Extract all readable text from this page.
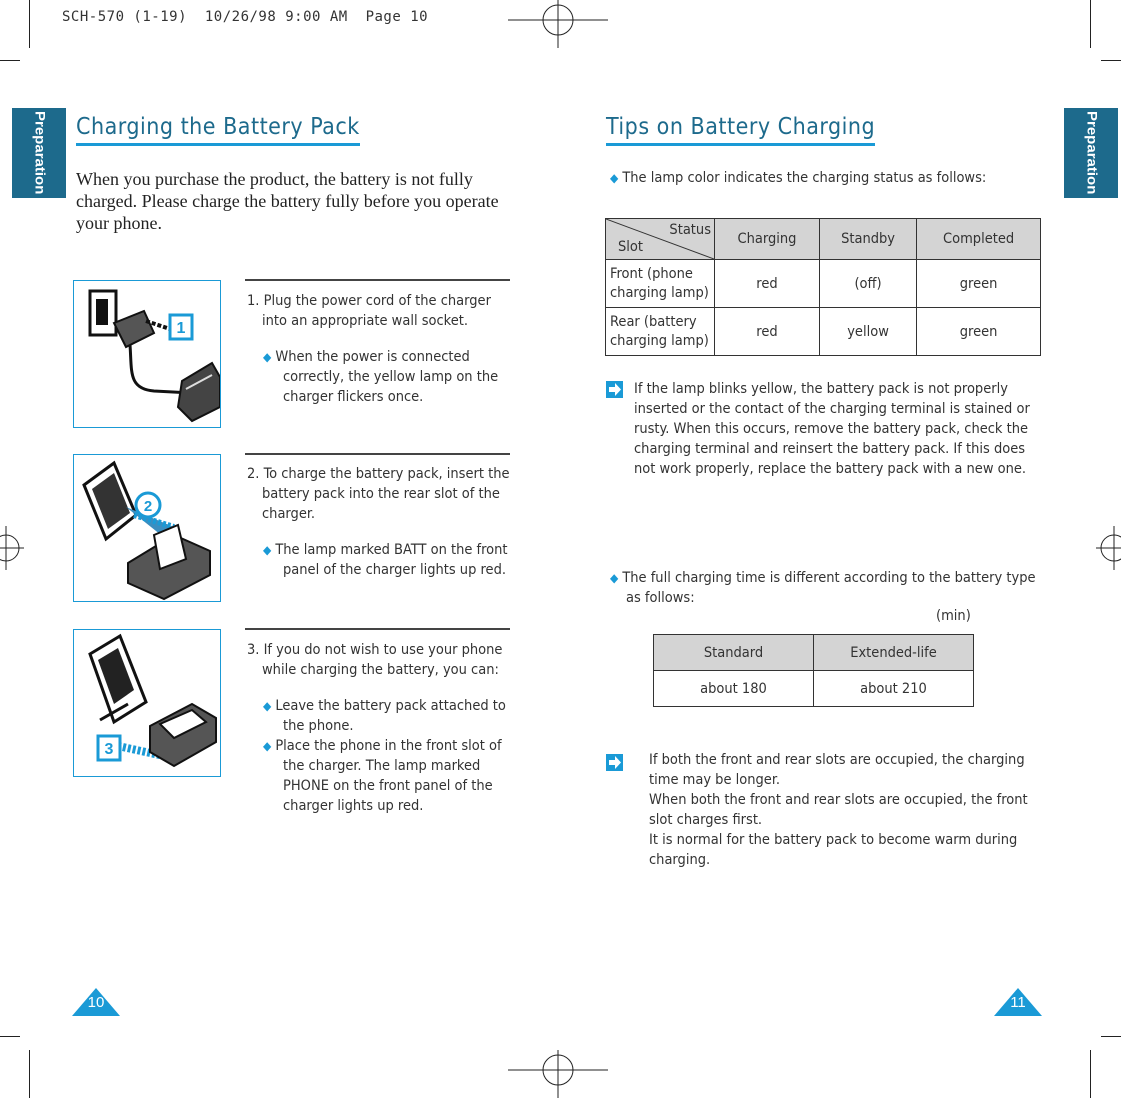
SCH-570 (1-19)  10/26/98 9:00 AM  Page 10
Preparation	Preparation
Charging the Battery Pack
When you purchase the product, the battery is not fully charged. Please charge the battery fully before you operate your phone.
1
2
3
1. Plug the power cord of the charger into an appropriate wall socket.
◆ When the power is connected correctly, the yellow lamp on the charger flickers once.
2. To charge the battery pack, insert the battery pack into the rear slot of the charger.
◆ The lamp marked BATT on the front panel of the charger lights up red.
3. If you do not wish to use your phone while charging the battery, you can:
◆ Leave the battery pack attached to the phone.
◆ Place the phone in the front slot of the charger. The lamp marked PHONE on the front panel of the charger lights up red.
10
Tips on Battery Charging
◆ The lamp color indicates the charging status as follows:
Status
Slot	Charging	Standby	Completed
Front (phone charging lamp)	red	(off)	green
Rear (battery charging lamp)	red	yellow	green
If the lamp blinks yellow, the battery pack is not properly inserted or the contact of the charging terminal is stained or rusty. When this occurs, remove the battery pack, check the charging terminal and reinsert the battery pack. If this does not work properly, replace the battery pack with a new one.
◆ The full charging time is different according to the battery type as follows:
(min)
Standard	Extended-life
about 180	about 210
If both the front and rear slots are occupied, the charging time may be longer.
When both the front and rear slots are occupied, the front slot charges first.
It is normal for the battery pack to become warm during charging.
11
